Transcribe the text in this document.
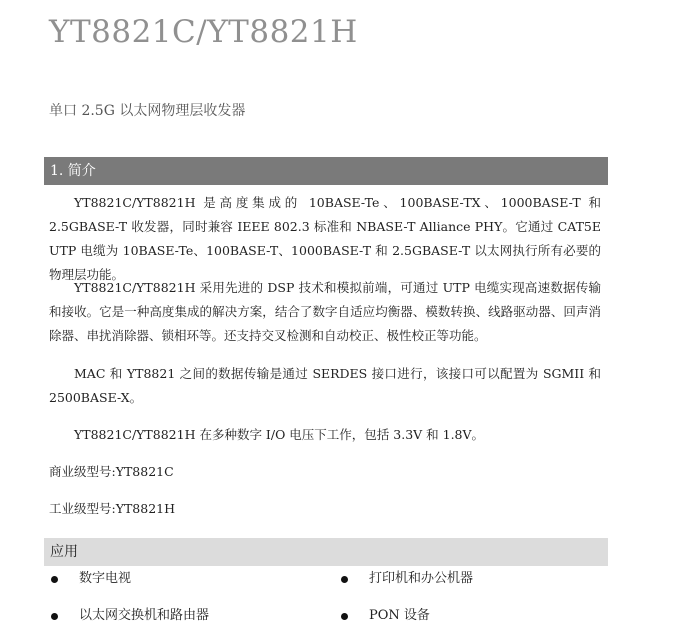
YT8821C/YT8821H

单口 2.5G 以太网物理层收发器

1. 简介

YT8821C/YT8821H 是高度集成的 10BASE-Te、100BASE-TX、1000BASE-T 和 2.5GBASE-T 收发器，同时兼容 IEEE 802.3 标准和 NBASE-T Alliance PHY。它通过 CAT5E UTP 电缆为 10BASE-Te、100BASE-T、1000BASE-T 和 2.5GBASE-T 以太网执行所有必要的物理层功能。

YT8821C/YT8821H 采用先进的 DSP 技术和模拟前端，可通过 UTP 电缆实现高速数据传输和接收。它是一种高度集成的解决方案，结合了数字自适应均衡器、模数转换、线路驱动器、回声消除器、串扰消除器、锁相环等。还支持交叉检测和自动校正、极性校正等功能。

MAC 和 YT8821 之间的数据传输是通过 SERDES 接口进行，该接口可以配置为 SGMII 和 2500BASE-X。

YT8821C/YT8821H 在多种数字 I/O 电压下工作，包括 3.3V 和 1.8V。

商业级型号:YT8821C

工业级型号:YT8821H

应用
数字电视	打印机和办公机器
以太网交换机和路由器	PON 设备
